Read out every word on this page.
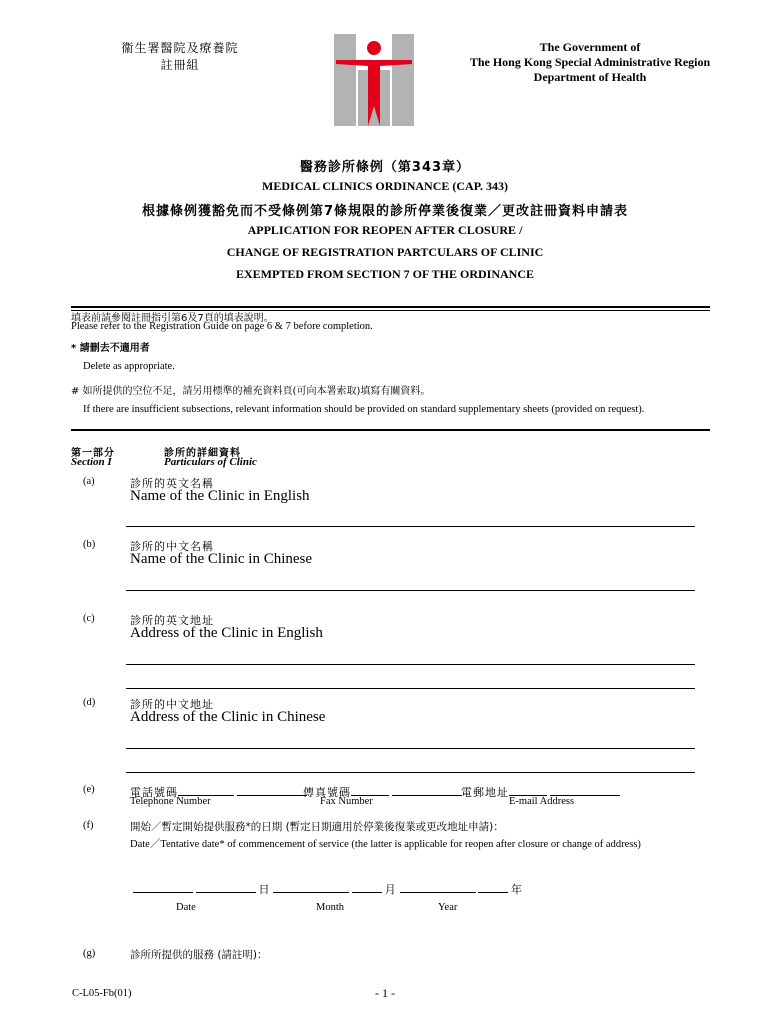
衞生署醫院及療養院
註冊組
The Government of
The Hong Kong Special Administrative Region
Department of Health
醫務診所條例（第343章）
MEDICAL CLINICS ORDINANCE (CAP. 343)
根據條例獲豁免而不受條例第7條規限的診所停業後復業／更改註冊資料申請表
APPLICATION FOR REOPEN AFTER CLOSURE /
CHANGE OF REGISTRATION PARTCULARS OF CLINIC
EXEMPTED FROM SECTION 7 OF THE ORDINANCE
填表前請參閱註冊指引第6及7頁的填表說明。
Please refer to the Registration Guide on page 6 & 7 before completion.
* 請刪去不適用者
Delete as appropriate.
# 如所提供的空位不足，請另用標準的補充資料頁(可向本署索取)填寫有關資料。
If there are insufficient subsections, relevant information should be provided on standard supplementary sheets (provided on request).
第一部分
Section I
診所的詳細資料
Particulars of Clinic
(a)	診所的英文名稱
Name of the Clinic in English
(b)	診所的中文名稱
Name of the Clinic in Chinese
(c)	診所的英文地址
Address of the Clinic in English
(d)	診所的中文地址
Address of the Clinic in Chinese
(e)	電話號碼	傳真號碼	電郵地址
Telephone Number	Fax Number	E-mail Address
(f)	開始／暫定開始提供服務*的日期 (暫定日期適用於停業後復業或更改地址申請)：
Date／Tentative date* of commencement of service (the latter is applicable for reopen after closure or change of address)
日	月	年
Date	Month	Year
(g)	診所所提供的服務 (請註明)：
C-L05-Fb(01)	- 1 -
